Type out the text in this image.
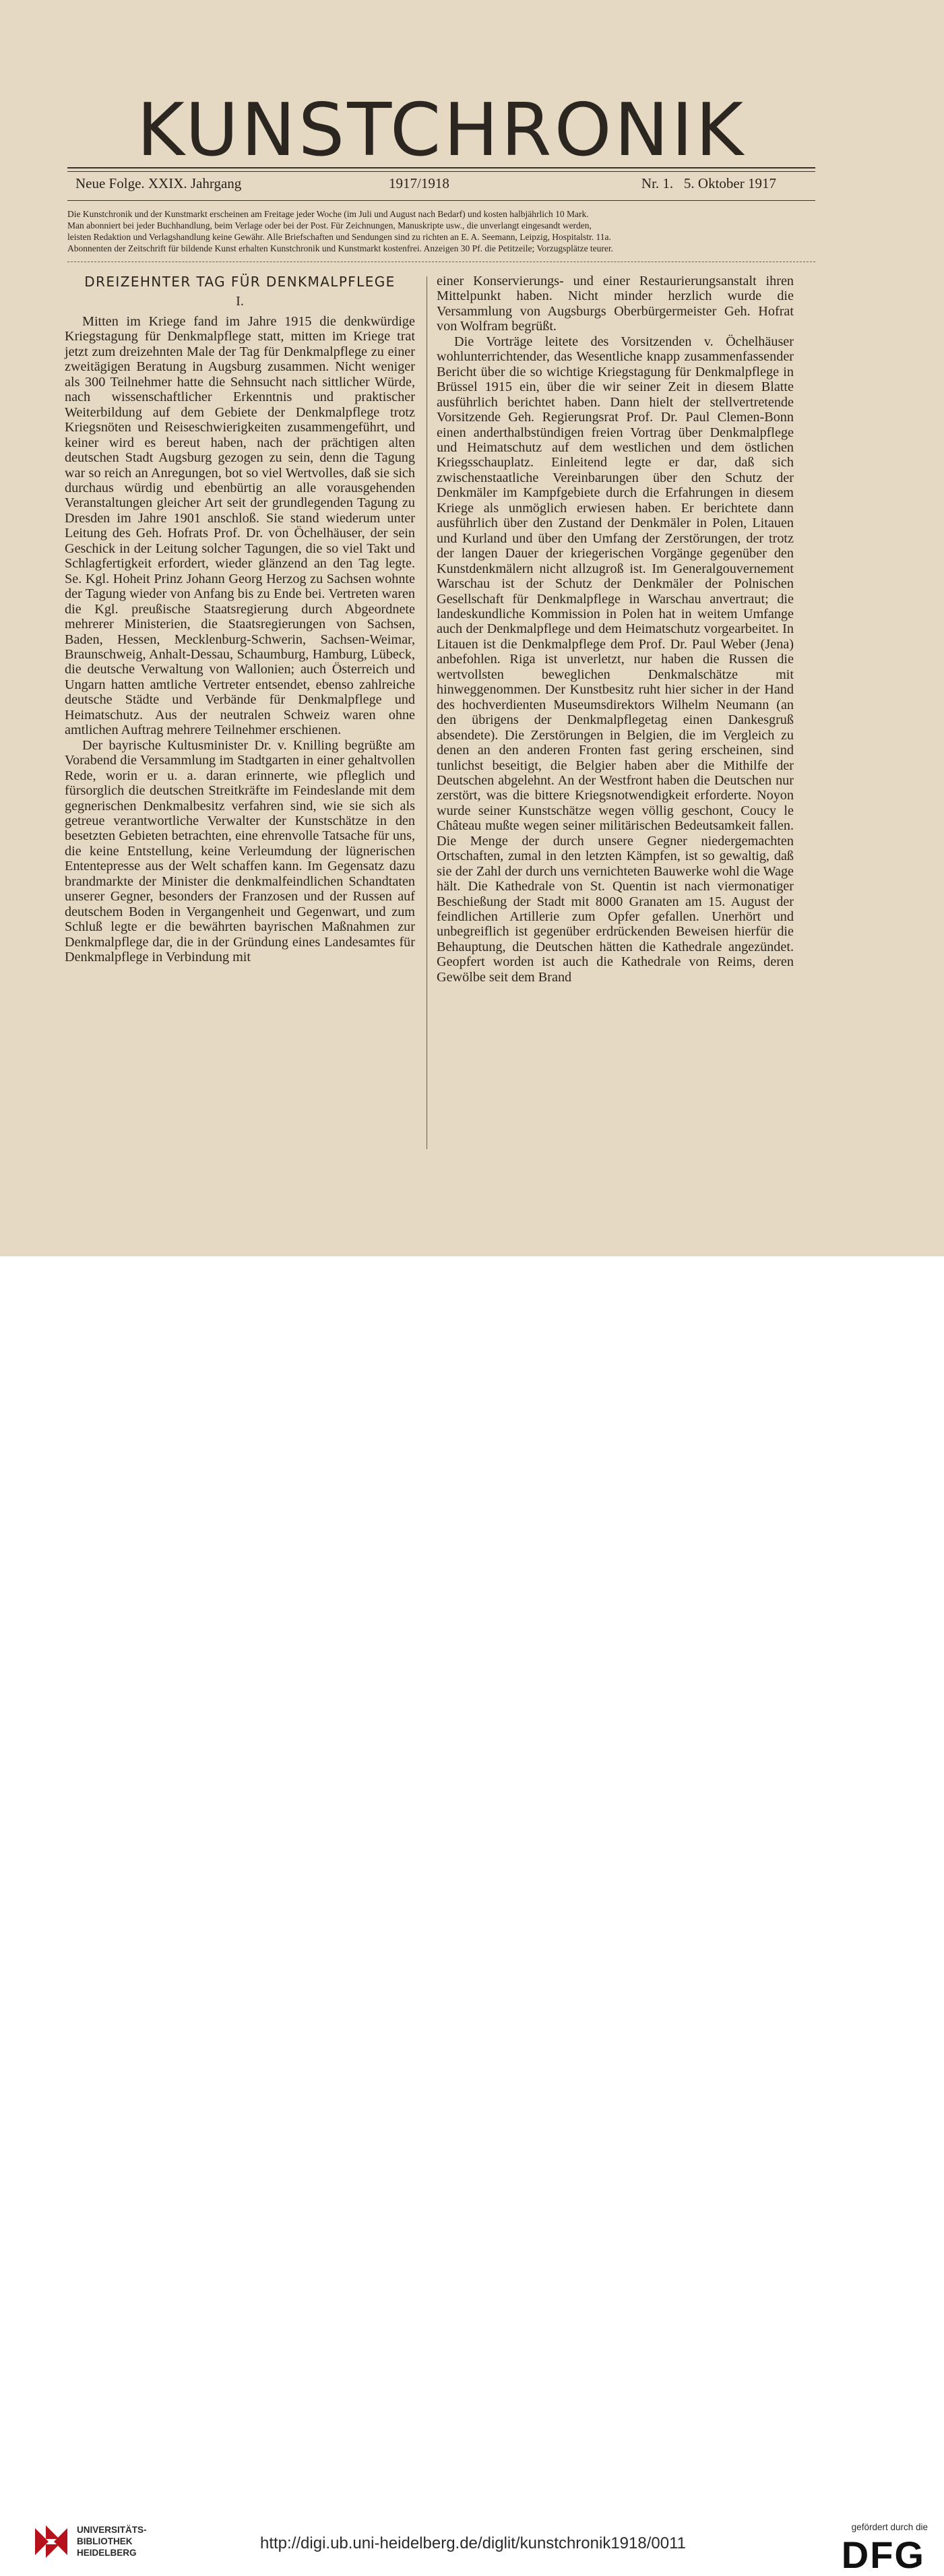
KUNSTCHRONIK
Neue Folge. XXIX. Jahrgang	1917/1918	Nr. 1.   5. Oktober 1917

Die Kunstchronik und der Kunstmarkt erscheinen am Freitage jeder Woche (im Juli und August nach Bedarf) und kosten halbjährlich 10 Mark.

Man abonniert bei jeder Buchhandlung, beim Verlage oder bei der Post. Für Zeichnungen, Manuskripte usw., die unverlangt eingesandt werden,

leisten Redaktion und Verlagshandlung keine Gewähr. Alle Briefschaften und Sendungen sind zu richten an E. A. Seemann, Leipzig, Hospitalstr. 11a.

Abonnenten der Zeitschrift für bildende Kunst erhalten Kunstchronik und Kunstmarkt kostenfrei. Anzeigen 30 Pf. die Petitzeile; Vorzugsplätze teurer.

DREIZEHNTER TAG FÜR DENKMALPFLEGE
I.

Mitten im Kriege fand im Jahre 1915 die denkwürdige Kriegstagung für Denkmalpflege statt, mitten im Kriege trat jetzt zum dreizehnten Male der Tag für Denkmalpflege zu einer zweitägigen Beratung in Augsburg zusammen. Nicht weniger als 300 Teilnehmer hatte die Sehnsucht nach sittlicher Würde, nach wissenschaftlicher Erkenntnis und praktischer Weiterbildung auf dem Gebiete der Denkmalpflege trotz Kriegsnöten und Reiseschwierigkeiten zusammengeführt, und keiner wird es bereut haben, nach der prächtigen alten deutschen Stadt Augsburg gezogen zu sein, denn die Tagung war so reich an Anregungen, bot so viel Wertvolles, daß sie sich durchaus würdig und ebenbürtig an alle vorausgehenden Veranstaltungen gleicher Art seit der grundlegenden Tagung zu Dresden im Jahre 1901 anschloß. Sie stand wiederum unter Leitung des Geh. Hofrats Prof. Dr. von Öchelhäuser, der sein Geschick in der Leitung solcher Tagungen, die so viel Takt und Schlagfertigkeit erfordert, wieder glänzend an den Tag legte. Se. Kgl. Hoheit Prinz Johann Georg Herzog zu Sachsen wohnte der Tagung wieder von Anfang bis zu Ende bei. Vertreten waren die Kgl. preußische Staatsregierung durch Abgeordnete mehrerer Ministerien, die Staatsregierungen von Sachsen, Baden, Hessen, Mecklenburg-Schwerin, Sachsen-Weimar, Braunschweig, Anhalt-Dessau, Schaumburg, Hamburg, Lübeck, die deutsche Verwaltung von Wallonien; auch Österreich und Ungarn hatten amtliche Vertreter entsendet, ebenso zahlreiche deutsche Städte und Verbände für Denkmalpflege und Heimatschutz. Aus der neutralen Schweiz waren ohne amtlichen Auftrag mehrere Teilnehmer erschienen.

Der bayrische Kultusminister Dr. v. Knilling begrüßte am Vorabend die Versammlung im Stadtgarten in einer gehaltvollen Rede, worin er u. a. daran erinnerte, wie pfleglich und fürsorglich die deutschen Streitkräfte im Feindeslande mit dem gegnerischen Denkmalbesitz verfahren sind, wie sie sich als getreue verantwortliche Verwalter der Kunstschätze in den besetzten Gebieten betrachten, eine ehrenvolle Tatsache für uns, die keine Entstellung, keine Verleumdung der lügnerischen Ententepresse aus der Welt schaffen kann. Im Gegensatz dazu brandmarkte der Minister die denkmalfeindlichen Schandtaten unserer Gegner, besonders der Franzosen und der Russen auf deutschem Boden in Vergangenheit und Gegenwart, und zum Schluß legte er die bewährten bayrischen Maßnahmen zur Denkmalpflege dar, die in der Gründung eines Landesamtes für Denkmalpflege in Verbindung mit

einer Konservierungs- und einer Restaurierungsanstalt ihren Mittelpunkt haben. Nicht minder herzlich wurde die Versammlung von Augsburgs Oberbürgermeister Geh. Hofrat von Wolfram begrüßt.

Die Vorträge leitete des Vorsitzenden v. Öchelhäuser wohlunterrichtender, das Wesentliche knapp zusammenfassender Bericht über die so wichtige Kriegstagung für Denkmalpflege in Brüssel 1915 ein, über die wir seiner Zeit in diesem Blatte ausführlich berichtet haben. Dann hielt der stellvertretende Vorsitzende Geh. Regierungsrat Prof. Dr. Paul Clemen-Bonn einen anderthalbstündigen freien Vortrag über Denkmalpflege und Heimatschutz auf dem westlichen und dem östlichen Kriegsschauplatz. Einleitend legte er dar, daß sich zwischenstaatliche Vereinbarungen über den Schutz der Denkmäler im Kampfgebiete durch die Erfahrungen in diesem Kriege als unmöglich erwiesen haben. Er berichtete dann ausführlich über den Zustand der Denkmäler in Polen, Litauen und Kurland und über den Umfang der Zerstörungen, der trotz der langen Dauer der kriegerischen Vorgänge gegenüber den Kunstdenkmälern nicht allzugroß ist. Im Generalgouvernement Warschau ist der Schutz der Denkmäler der Polnischen Gesellschaft für Denkmalpflege in Warschau anvertraut; die landeskundliche Kommission in Polen hat in weitem Umfange auch der Denkmalpflege und dem Heimatschutz vorgearbeitet. In Litauen ist die Denkmalpflege dem Prof. Dr. Paul Weber (Jena) anbefohlen. Riga ist unverletzt, nur haben die Russen die wertvollsten beweglichen Denkmalschätze mit hinweggenommen. Der Kunstbesitz ruht hier sicher in der Hand des hochverdienten Museumsdirektors Wilhelm Neumann (an den übrigens der Denkmalpflegetag einen Dankesgruß absendete). Die Zerstörungen in Belgien, die im Vergleich zu denen an den anderen Fronten fast gering erscheinen, sind tunlichst beseitigt, die Belgier haben aber die Mithilfe der Deutschen abgelehnt. An der Westfront haben die Deutschen nur zerstört, was die bittere Kriegsnotwendigkeit erforderte. Noyon wurde seiner Kunstschätze wegen völlig geschont, Coucy le Château mußte wegen seiner militärischen Bedeutsamkeit fallen. Die Menge der durch unsere Gegner niedergemachten Ortschaften, zumal in den letzten Kämpfen, ist so gewaltig, daß sie der Zahl der durch uns vernichteten Bauwerke wohl die Wage hält. Die Kathedrale von St. Quentin ist nach viermonatiger Beschießung der Stadt mit 8000 Granaten am 15. August der feindlichen Artillerie zum Opfer gefallen. Unerhört und unbegreiflich ist gegenüber erdrückenden Beweisen hierfür die Behauptung, die Deutschen hätten die Kathedrale angezündet. Geopfert worden ist auch die Kathedrale von Reims, deren Gewölbe seit dem Brand

UNIVERSITÄTS-
BIBLIOTHEK
HEIDELBERG
http://digi.ub.uni-heidelberg.de/diglit/kunstchronik1918/0011
gefördert durch die
DFG
